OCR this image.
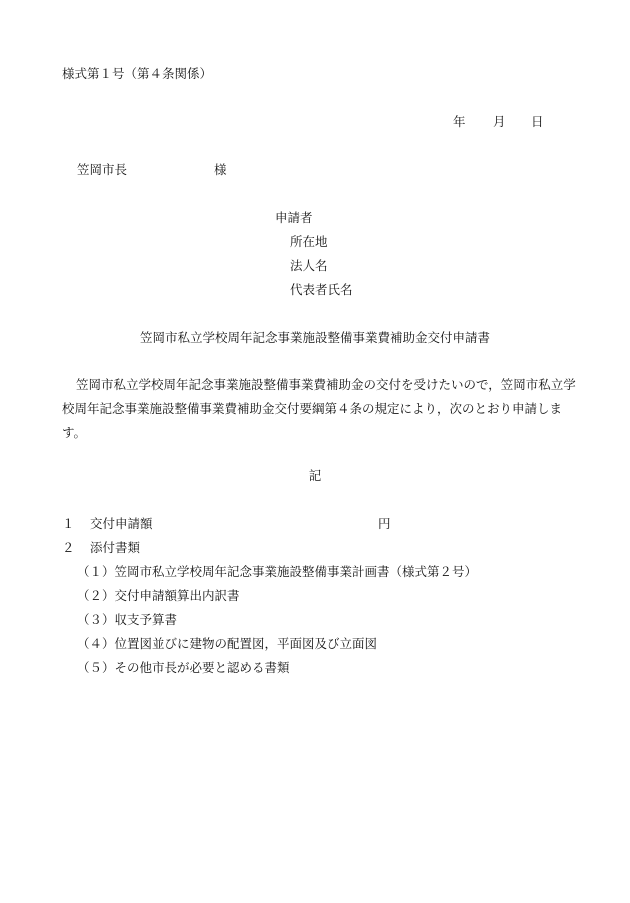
様式第１号（第４条関係）
年 月 日
笠岡市長	様
申請者
所在地
法人名
代表者氏名
笠岡市私立学校周年記念事業施設整備事業費補助金交付申請書
笠岡市私立学校周年記念事業施設整備事業費補助金の交付を受けたいので，笠岡市私立学校周年記念事業施設整備事業費補助金交付要綱第４条の規定により，次のとおり申請します。
記
１ 交付申請額	円
２ 添付書類
（１）笠岡市私立学校周年記念事業施設整備事業計画書（様式第２号）
（２）交付申請額算出内訳書
（３）収支予算書
（４）位置図並びに建物の配置図，平面図及び立面図
（５）その他市長が必要と認める書類
